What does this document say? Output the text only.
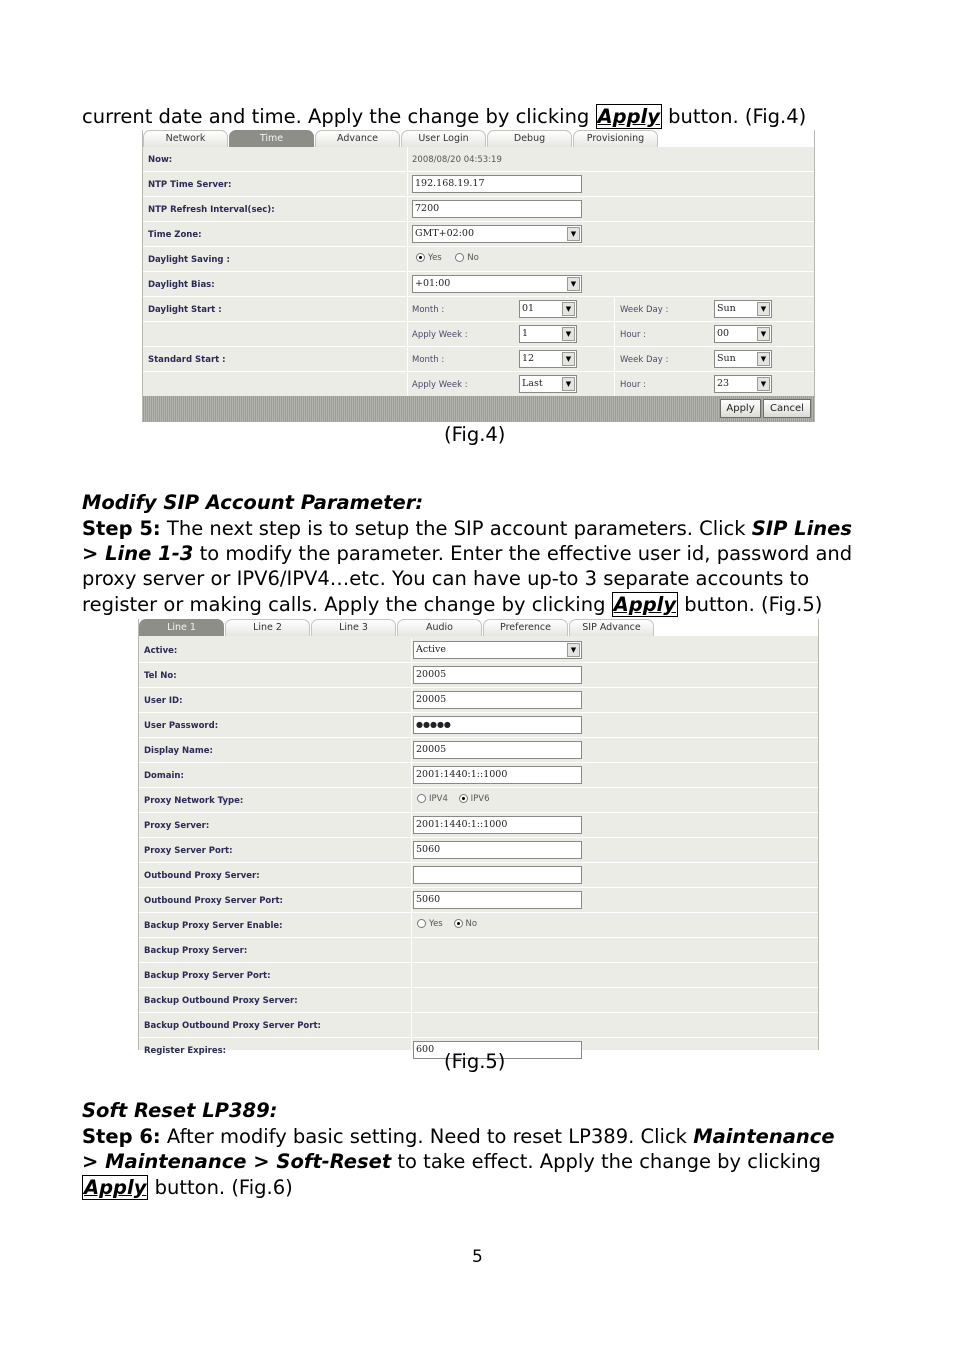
current date and time. Apply the change by clicking Apply button. (Fig.4)
Network	Time	Advance	User Login	Debug	Provisioning
Now:	2008/08/20 04:53:19
NTP Time Server:	192.168.19.17
NTP Refresh Interval(sec):	7200
Time Zone:	GMT+02:00	▼
Daylight Saving :	Yes	No
Daylight Bias:	+01:00	▼
Daylight Start :	Month :	01	▼	Week Day :	Sun	▼
Apply Week :	1	▼	Hour :	00	▼
Standard Start :	Month :	12	▼	Week Day :	Sun	▼
Apply Week :	Last	▼	Hour :	23	▼
Apply	Cancel
(Fig.4)
Modify SIP Account Parameter:
Step 5: The next step is to setup the SIP account parameters. Click SIP Lines
> Line 1-3 to modify the parameter. Enter the effective user id, password and
proxy server or IPV6/IPV4…etc. You can have up-to 3 separate accounts to
register or making calls. Apply the change by clicking Apply button. (Fig.5)
Line 1	Line 2	Line 3	Audio	Preference	SIP Advance
Active:	Active	▼
Tel No:	20005
User ID:	20005
User Password:	●●●●●
Display Name:	20005
Domain:	2001:1440:1::1000
Proxy Network Type:	IPV4	IPV6
Proxy Server:	2001:1440:1::1000
Proxy Server Port:	5060
Outbound Proxy Server:
Outbound Proxy Server Port:	5060
Backup Proxy Server Enable:	Yes	No
Backup Proxy Server:
Backup Proxy Server Port:
Backup Outbound Proxy Server:
Backup Outbound Proxy Server Port:
Register Expires:	600
(Fig.5)
Soft Reset LP389:
Step 6: After modify basic setting. Need to reset LP389. Click Maintenance
> Maintenance > Soft-Reset to take effect. Apply the change by clicking
Apply button. (Fig.6)
5
